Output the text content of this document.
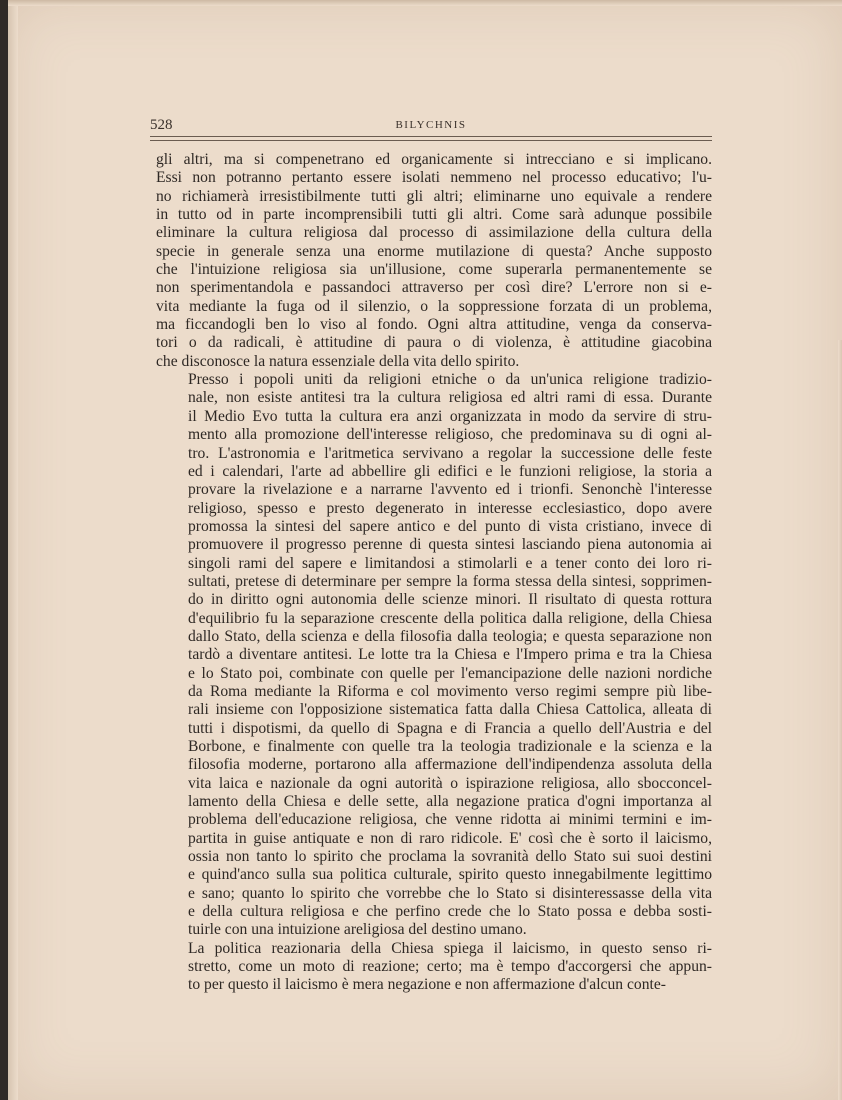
528	BILYCHNIS

gli altri, ma si compenetrano ed organicamente si intrecciano e si implicano.
Essi non potranno pertanto essere isolati nemmeno nel processo educativo; l'u-
no richiamerà irresistibilmente tutti gli altri; eliminarne uno equivale a rendere
in tutto od in parte incomprensibili tutti gli altri. Come sarà adunque possibile
eliminare la cultura religiosa dal processo di assimilazione della cultura della
specie in generale senza una enorme mutilazione di questa? Anche supposto
che l'intuizione religiosa sia un'illusione, come superarla permanentemente se
non sperimentandola e passandoci attraverso per così dire? L'errore non si e-
vita mediante la fuga od il silenzio, o la soppressione forzata di un problema,
ma ficcandogli ben lo viso al fondo. Ogni altra attitudine, venga da conserva-
tori o da radicali, è attitudine di paura o di violenza, è attitudine giacobina
che disconosce la natura essenziale della vita dello spirito.

Presso i popoli uniti da religioni etniche o da un'unica religione tradizio-
nale, non esiste antitesi tra la cultura religiosa ed altri rami di essa. Durante
il Medio Evo tutta la cultura era anzi organizzata in modo da servire di stru-
mento alla promozione dell'interesse religioso, che predominava su di ogni al-
tro. L'astronomia e l'aritmetica servivano a regolar la successione delle feste
ed i calendari, l'arte ad abbellire gli edifici e le funzioni religiose, la storia a
provare la rivelazione e a narrarne l'avvento ed i trionfi. Senonchè l'interesse
religioso, spesso e presto degenerato in interesse ecclesiastico, dopo avere
promossa la sintesi del sapere antico e del punto di vista cristiano, invece di
promuovere il progresso perenne di questa sintesi lasciando piena autonomia ai
singoli rami del sapere e limitandosi a stimolarli e a tener conto dei loro ri-
sultati, pretese di determinare per sempre la forma stessa della sintesi, sopprimen-
do in diritto ogni autonomia delle scienze minori. Il risultato di questa rottura
d'equilibrio fu la separazione crescente della politica dalla religione, della Chiesa
dallo Stato, della scienza e della filosofia dalla teologia; e questa separazione non
tardò a diventare antitesi. Le lotte tra la Chiesa e l'Impero prima e tra la Chiesa
e lo Stato poi, combinate con quelle per l'emancipazione delle nazioni nordiche
da Roma mediante la Riforma e col movimento verso regimi sempre più libe-
rali insieme con l'opposizione sistematica fatta dalla Chiesa Cattolica, alleata di
tutti i dispotismi, da quello di Spagna e di Francia a quello dell'Austria e del
Borbone, e finalmente con quelle tra la teologia tradizionale e la scienza e la
filosofia moderne, portarono alla affermazione dell'indipendenza assoluta della
vita laica e nazionale da ogni autorità o ispirazione religiosa, allo sbocconcel-
lamento della Chiesa e delle sette, alla negazione pratica d'ogni importanza al
problema dell'educazione religiosa, che venne ridotta ai minimi termini e im-
partita in guise antiquate e non di raro ridicole. E' così che è sorto il laicismo,
ossia non tanto lo spirito che proclama la sovranità dello Stato sui suoi destini
e quind'anco sulla sua politica culturale, spirito questo innegabilmente legittimo
e sano; quanto lo spirito che vorrebbe che lo Stato si disinteressasse della vita
e della cultura religiosa e che perfino crede che lo Stato possa e debba sosti-
tuirle con una intuizione areligiosa del destino umano.

La politica reazionaria della Chiesa spiega il laicismo, in questo senso ri-
stretto, come un moto di reazione; certo; ma è tempo d'accorgersi che appun-
to per questo il laicismo è mera negazione e non affermazione d'alcun conte-
